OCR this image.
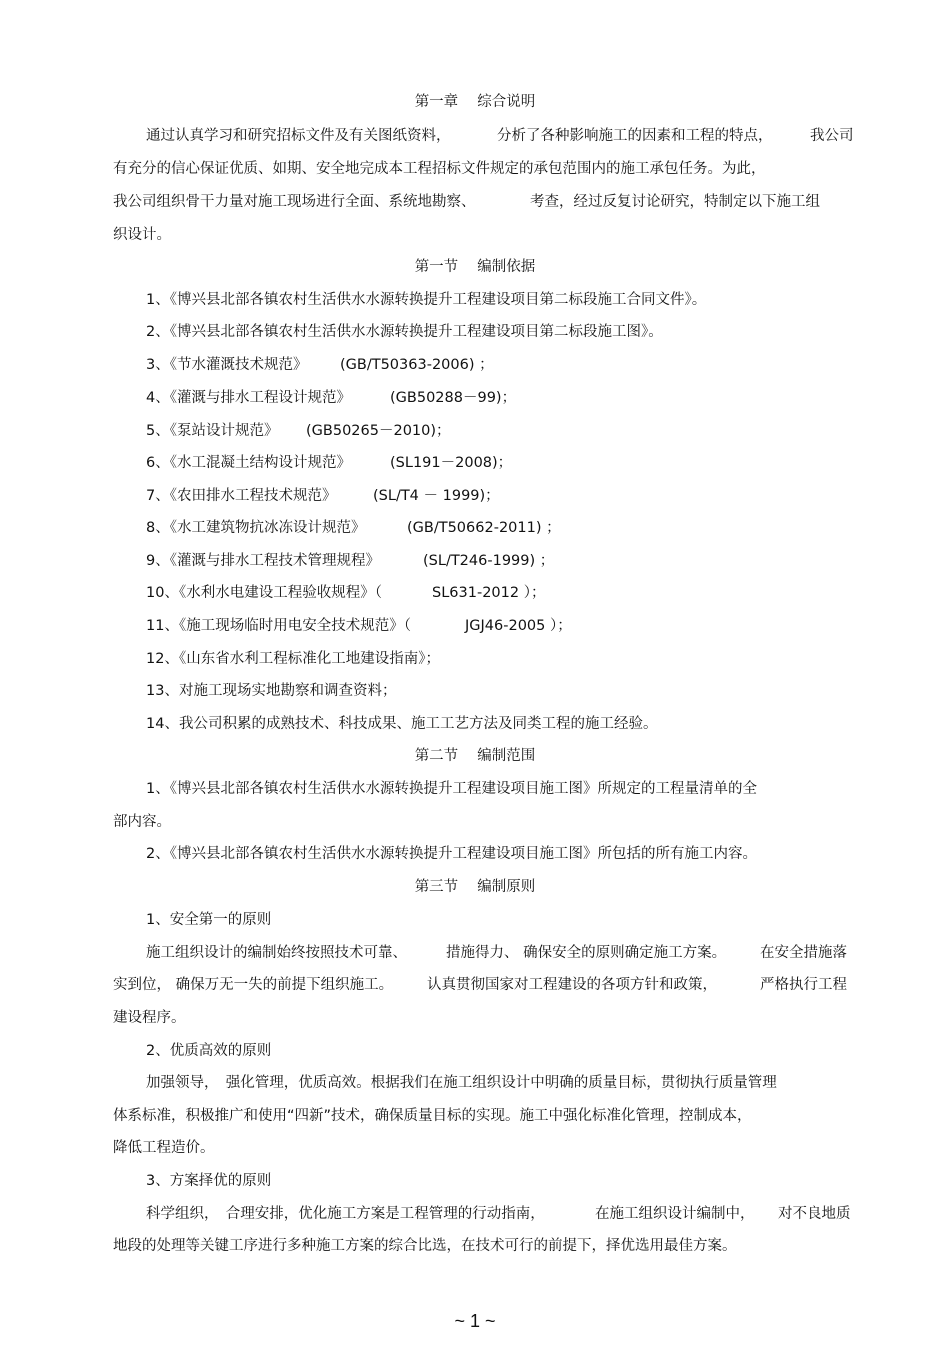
第一章　 综合说明
通过认真学习和研究招标文件及有关图纸资料，	分析了各种影响施工的因素和工程的特点，	我公司
有充分的信心保证优质、如期、安全地完成本工程招标文件规定的承包范围内的施工承包任务。为此，
我公司组织骨干力量对施工现场进行全面、系统地勘察、	考查，经过反复讨论研究，特制定以下施工组
织设计。
第一节　 编制依据
1、《博兴县北部各镇农村生活供水水源转换提升工程建设项目第二标段施工合同文件》。
2、《博兴县北部各镇农村生活供水水源转换提升工程建设项目第二标段施工图》。
3、《节水灌溉技术规范》 (GB/T50363-2006) ；
4、《灌溉与排水工程设计规范》	(GB50288－99)；
5、《泵站设计规范》 (GB50265－2010)；
6、《水工混凝土结构设计规范》	(SL191－2008)；
7、《农田排水工程技术规范》	(SL/T4 － 1999)；
8、《水工建筑物抗冰冻设计规范》	(GB/T50662-2011) ；
9、《灌溉与排水工程技术管理规程》	(SL/T246-1999) ；
10、《水利水电建设工程验收规程》（	SL631-2012 ）；
11、《施工现场临时用电安全技术规范》（	JGJ46-2005 ）；
12、《山东省水利工程标准化工地建设指南》；
13、对施工现场实地勘察和调查资料；
14、我公司积累的成熟技术、科技成果、施工工艺方法及同类工程的施工经验。
第二节　 编制范围
1、《博兴县北部各镇农村生活供水水源转换提升工程建设项目施工图》所规定的工程量清单的全
部内容。
2、《博兴县北部各镇农村生活供水水源转换提升工程建设项目施工图》所包括的所有施工内容。
第三节　 编制原则
1、安全第一的原则
施工组织设计的编制始终按照技术可靠、	措施得力、 确保安全的原则确定施工方案。 在安全措施落
实到位， 确保万无一失的前提下组织施工。 认真贯彻国家对工程建设的各项方针和政策，	严格执行工程
建设程序。
2、优质高效的原则
加强领导，　强化管理，优质高效。根据我们在施工组织设计中明确的质量目标，贯彻执行质量管理
体系标准，积极推广和使用“四新”技术，确保质量目标的实现。施工中强化标准化管理，控制成本，
降低工程造价。
3、方案择优的原则
科学组织，　合理安排，优化施工方案是工程管理的行动指南，	在施工组织设计编制中， 对不良地质
地段的处理等关键工序进行多种施工方案的综合比选，在技术可行的前提下，择优选用最佳方案。
~ 1 ~
